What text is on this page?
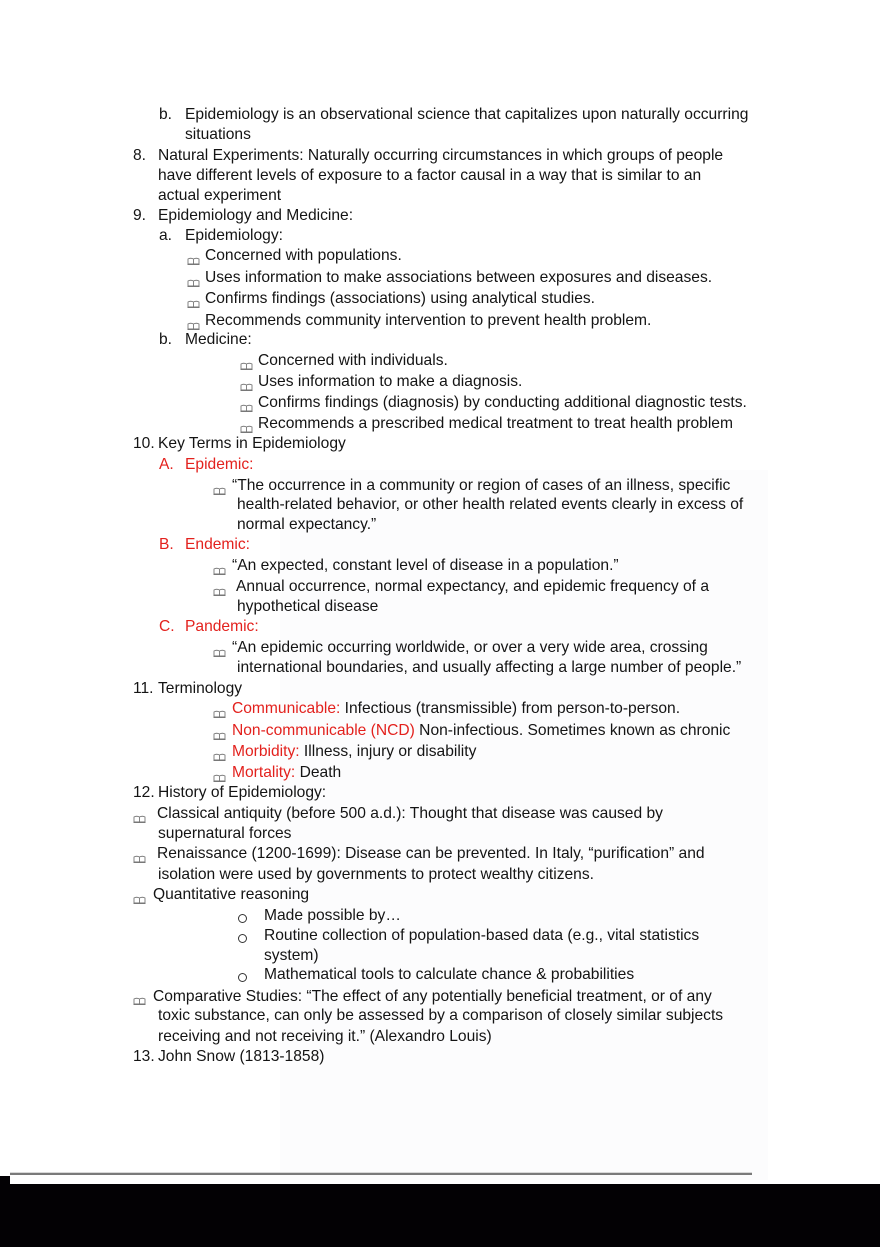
b. Epidemiology is an observational science that capitalizes upon naturally occurring
situations
8. Natural Experiments: Naturally occurring circumstances in which groups of people
have different levels of exposure to a factor causal in a way that is similar to an
actual experiment
9. Epidemiology and Medicine:
a. Epidemiology:
Concerned with populations.
Uses information to make associations between exposures and diseases.
Confirms findings (associations) using analytical studies.
Recommends community intervention to prevent health problem.
b. Medicine:
Concerned with individuals.
Uses information to make a diagnosis.
Confirms findings (diagnosis) by conducting additional diagnostic tests.
Recommends a prescribed medical treatment to treat health problem
10. Key Terms in Epidemiology
A. Epidemic:
“The occurrence in a community or region of cases of an illness, specific
health-related behavior, or other health related events clearly in excess of
normal expectancy.”
B. Endemic:
“An expected, constant level of disease in a population.”
Annual occurrence, normal expectancy, and epidemic frequency of a
hypothetical disease
C. Pandemic:
“An epidemic occurring worldwide, or over a very wide area, crossing
international boundaries, and usually affecting a large number of people.”
11. Terminology
Communicable: Infectious (transmissible) from person-to-person.
Non-communicable (NCD) Non-infectious. Sometimes known as chronic
Morbidity: Illness, injury or disability
Mortality: Death
12. History of Epidemiology:
Classical antiquity (before 500 a.d.): Thought that disease was caused by
supernatural forces
Renaissance (1200-1699): Disease can be prevented. In Italy, “purification” and
isolation were used by governments to protect wealthy citizens.
Quantitative reasoning
Made possible by…
Routine collection of population-based data (e.g., vital statistics
system)
Mathematical tools to calculate chance & probabilities
Comparative Studies: “The effect of any potentially beneficial treatment, or of any
toxic substance, can only be assessed by a comparison of closely similar subjects
receiving and not receiving it.” (Alexandro Louis)
13. John Snow (1813-1858)
